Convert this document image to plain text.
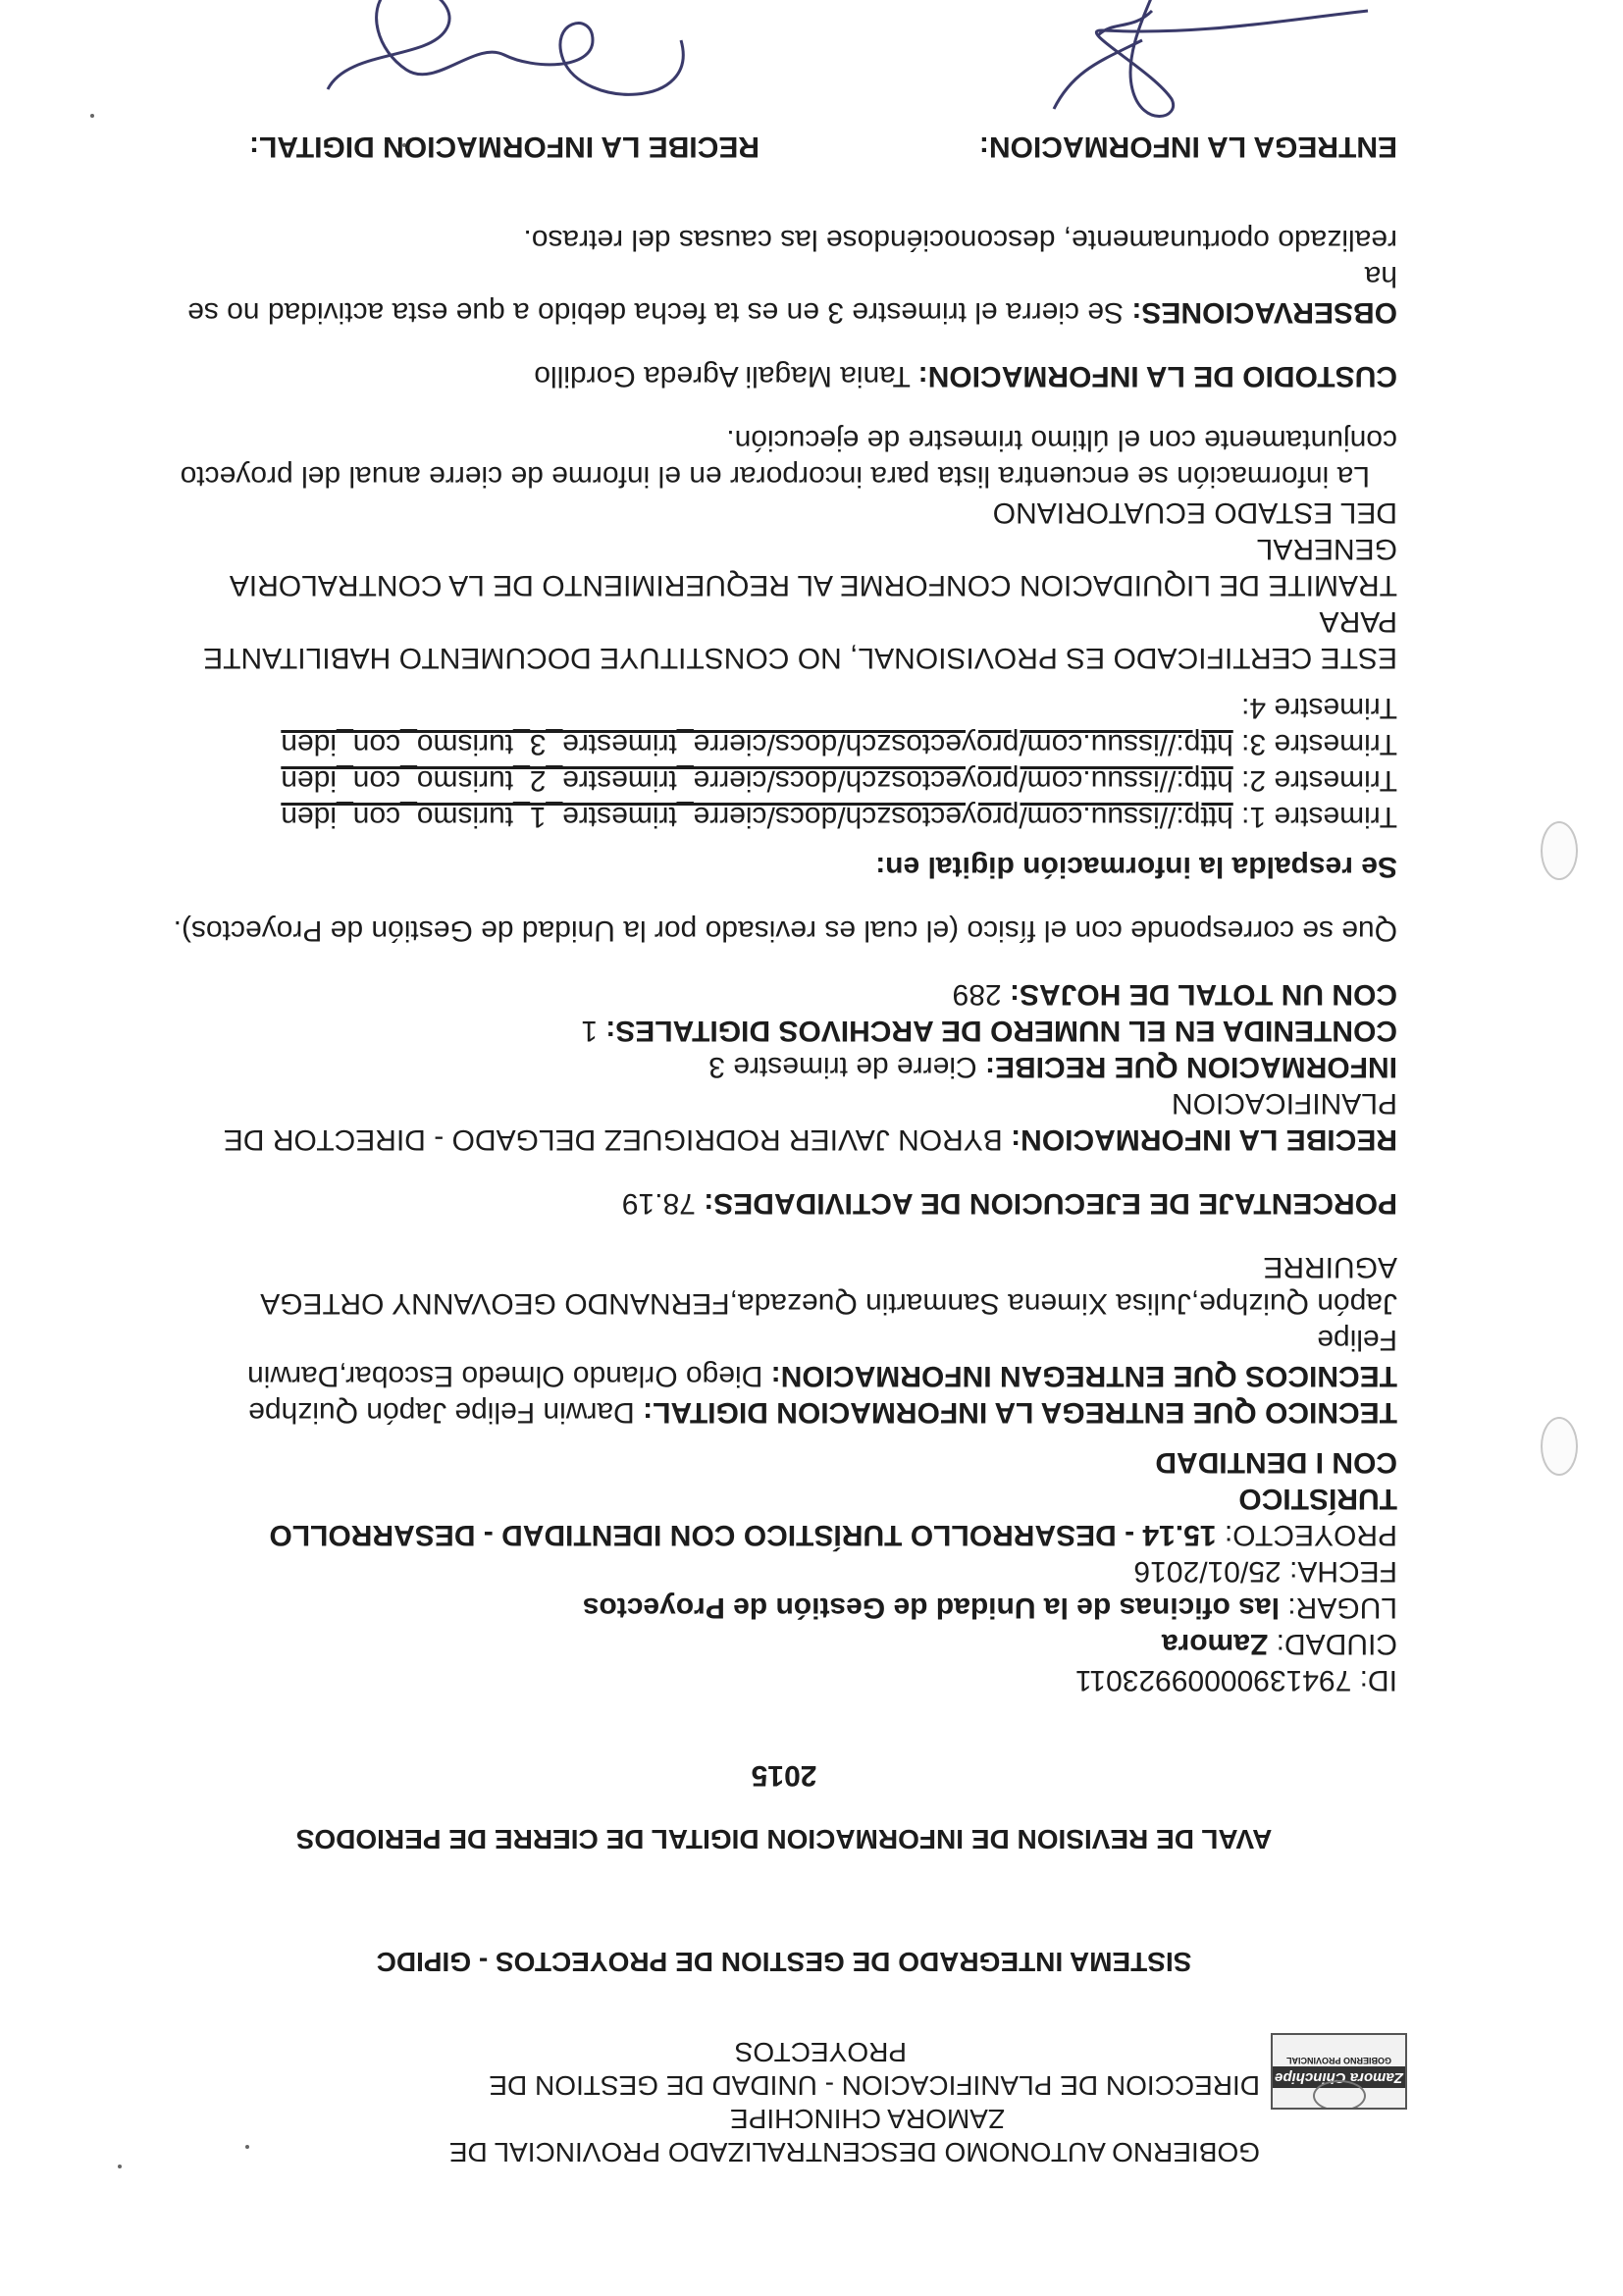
Zamora Chinchipe
GOBIERNO PROVINCIAL
GOBIERNO AUTONOMO DESCENTRALIZADO PROVINCIAL DE
ZAMORA CHINCHIPE
DIRECCION DE PLANIFICACION - UNIDAD DE GESTION DE
PROYECTOS
SISTEMA INTEGRADO DE GESTION DE PROYECTOS - GIPIDC
AVAL DE REVISION DE INFORMACION DIGITAL DE CIERRE DE PERIODOS
2015
ID: 79413900009923011
CIUDAD: Zamora
LUGAR: las oficinas de la Unidad de Gestión de Proyectos
FECHA: 25/01/2016
PROYECTO: 15.14 - DESARROLLO TURÍSTICO CON IDENTIDAD - DESARROLLO TURÍSTICO
CON I DENTIDAD
TECNICO QUE ENTREGA LA INFORMACION DIGITAL: Darwin Felipe Japón Quizhpe
TECNICOS QUE ENTREGAN INFORMACION: Diego Orlando Olmedo Escobar,Darwin Felipe
Japón Quizhpe,Julisa Ximena Sanmartin Quezada,FERNANDO GEOVANNY ORTEGA AGUIRRE
PORCENTAJE DE EJECUCION DE ACTIVIDADES: 78.19
RECIBE LA INFORMACION: BYRON JAVIER RODRIGUEZ DELGADO - DIRECTOR DE
PLANIFICACION
INFORMACION QUE RECIBE: Cierre de trimestre 3
CONTENIDA EN EL NUMERO DE ARCHIVOS DIGITALES: 1
CON UN TOTAL DE HOJAS: 289
Que se corresponde con el físico (el cual es revisado por la Unidad de Gestión de Proyectos).
Se respalda la información digital en:
Trimestre 1: http://issuu.com/proyectoszch/docs/cierre_trimestre_1_turismo_con_iden
Trimestre 2: http://issuu.com/proyectoszch/docs/cierre_trimestre_2_turismo_con_iden
Trimestre 3: http://issuu.com/proyectoszch/docs/cierre_trimestre_3_turismo_con_iden
Trimestre 4:
ESTE CERTIFICADO ES PROVISIONAL, NO CONSTITUYE DOCUMENTO HABILITANTE PARA
TRAMITE DE LIQUIDACION CONFORME AL REQUERIMIENTO DE LA CONTRALORIA GENERAL
DEL ESTADO ECUATORIANO
La información se encuentra lista para incorporar en el informe de cierre anual del proyecto
conjuntamente con el último trimestre de ejecución.
CUSTODIO DE LA INFORMACION: Tania Magali Agreda Gordillo
OBSERVACIONES: Se cierra el trimestre 3 en es ta fecha debido a que esta actividad no se ha
realizado oportunamente, desconociéndose las causas del retraso.
ENTREGA LA INFORMACION:
RECIBE LA INFORMACION DIGITAL:
